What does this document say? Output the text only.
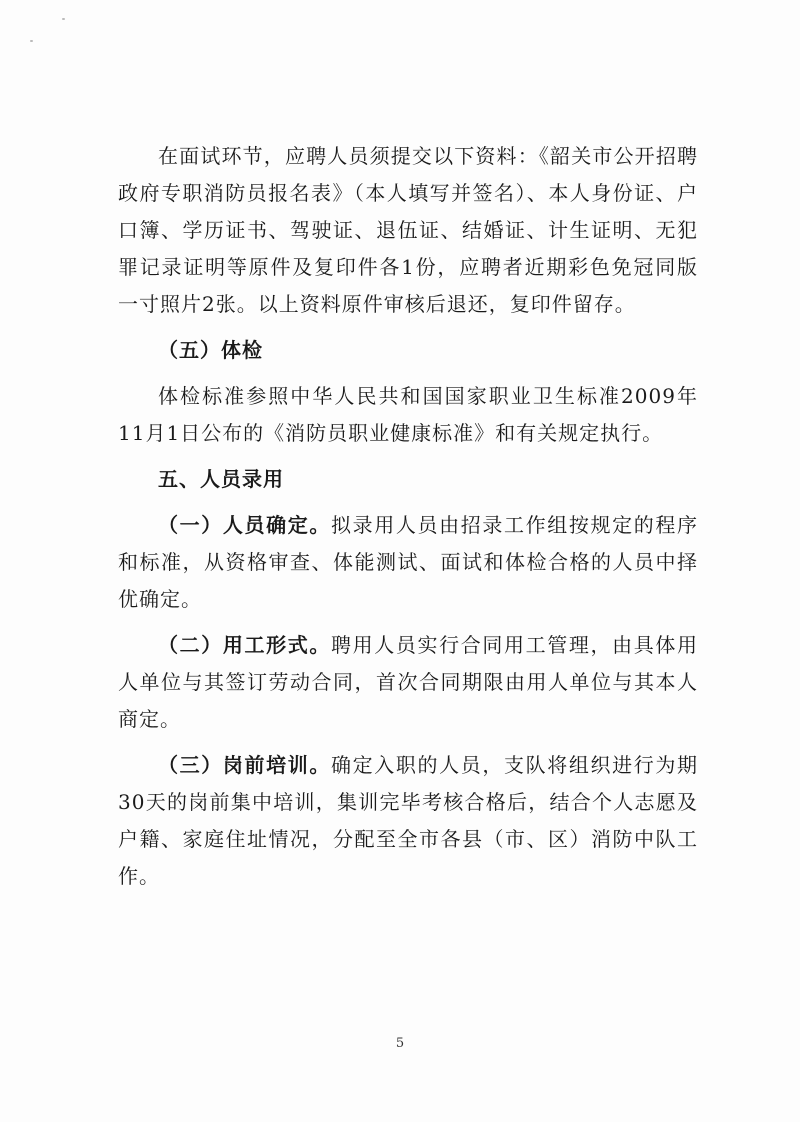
在面试环节，应聘人员须提交以下资料：《韶关市公开招聘政府专职消防员报名表》（本人填写并签名）、本人身份证、户口簿、学历证书、驾驶证、退伍证、结婚证、计生证明、无犯罪记录证明等原件及复印件各1份，应聘者近期彩色免冠同版一寸照片2张。以上资料原件审核后退还，复印件留存。

（五）体检

体检标准参照中华人民共和国国家职业卫生标准2009年11月1日公布的《消防员职业健康标准》和有关规定执行。

五、人员录用

（一）人员确定。拟录用人员由招录工作组按规定的程序和标准，从资格审查、体能测试、面试和体检合格的人员中择优确定。

（二）用工形式。聘用人员实行合同用工管理，由具体用人单位与其签订劳动合同，首次合同期限由用人单位与其本人商定。

（三）岗前培训。确定入职的人员，支队将组织进行为期30天的岗前集中培训，集训完毕考核合格后，结合个人志愿及户籍、家庭住址情况，分配至全市各县（市、区）消防中队工作。

5
